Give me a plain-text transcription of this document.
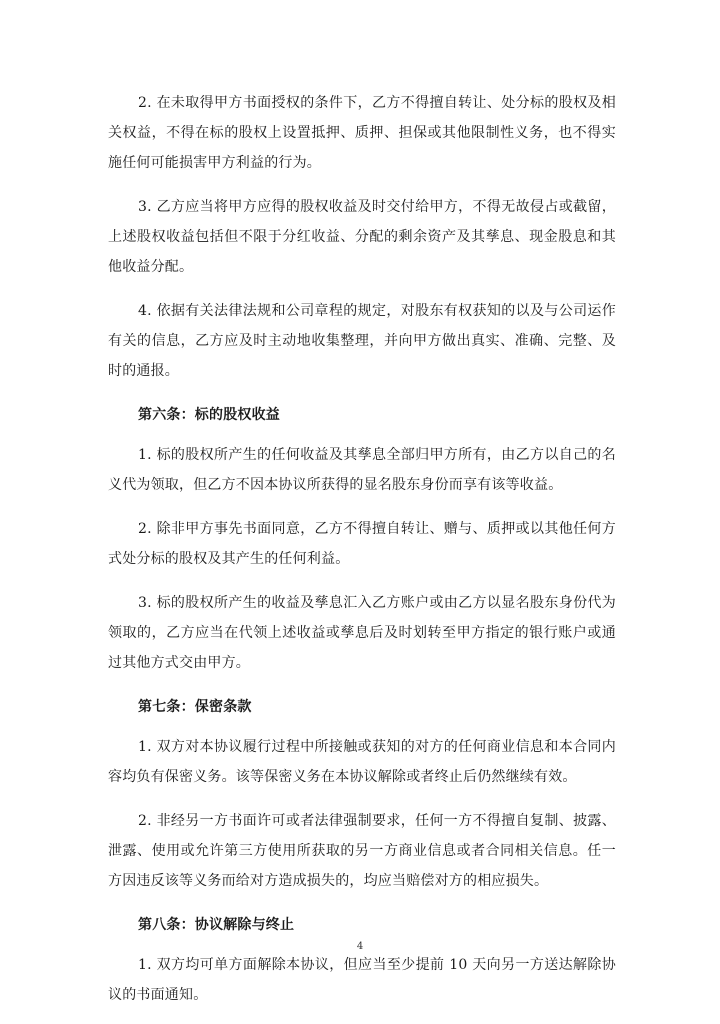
2. 在未取得甲方书面授权的条件下，乙方不得擅自转让、处分标的股权及相关权益，不得在标的股权上设置抵押、质押、担保或其他限制性义务，也不得实施任何可能损害甲方利益的行为。

3. 乙方应当将甲方应得的股权收益及时交付给甲方，不得无故侵占或截留，上述股权收益包括但不限于分红收益、分配的剩余资产及其孳息、现金股息和其他收益分配。

4. 依据有关法律法规和公司章程的规定，对股东有权获知的以及与公司运作有关的信息，乙方应及时主动地收集整理，并向甲方做出真实、准确、完整、及时的通报。

第六条：标的股权收益

1. 标的股权所产生的任何收益及其孳息全部归甲方所有，由乙方以自己的名义代为领取，但乙方不因本协议所获得的显名股东身份而享有该等收益。

2. 除非甲方事先书面同意，乙方不得擅自转让、赠与、质押或以其他任何方式处分标的股权及其产生的任何利益。

3. 标的股权所产生的收益及孳息汇入乙方账户或由乙方以显名股东身份代为领取的，乙方应当在代领上述收益或孳息后及时划转至甲方指定的银行账户或通过其他方式交由甲方。

第七条：保密条款

1. 双方对本协议履行过程中所接触或获知的对方的任何商业信息和本合同内容均负有保密义务。该等保密义务在本协议解除或者终止后仍然继续有效。

2. 非经另一方书面许可或者法律强制要求，任何一方不得擅自复制、披露、泄露、使用或允许第三方使用所获取的另一方商业信息或者合同相关信息。任一方因违反该等义务而给对方造成损失的，均应当赔偿对方的相应损失。

第八条：协议解除与终止

1. 双方均可单方面解除本协议，但应当至少提前 10 天向另一方送达解除协议的书面通知。

4
